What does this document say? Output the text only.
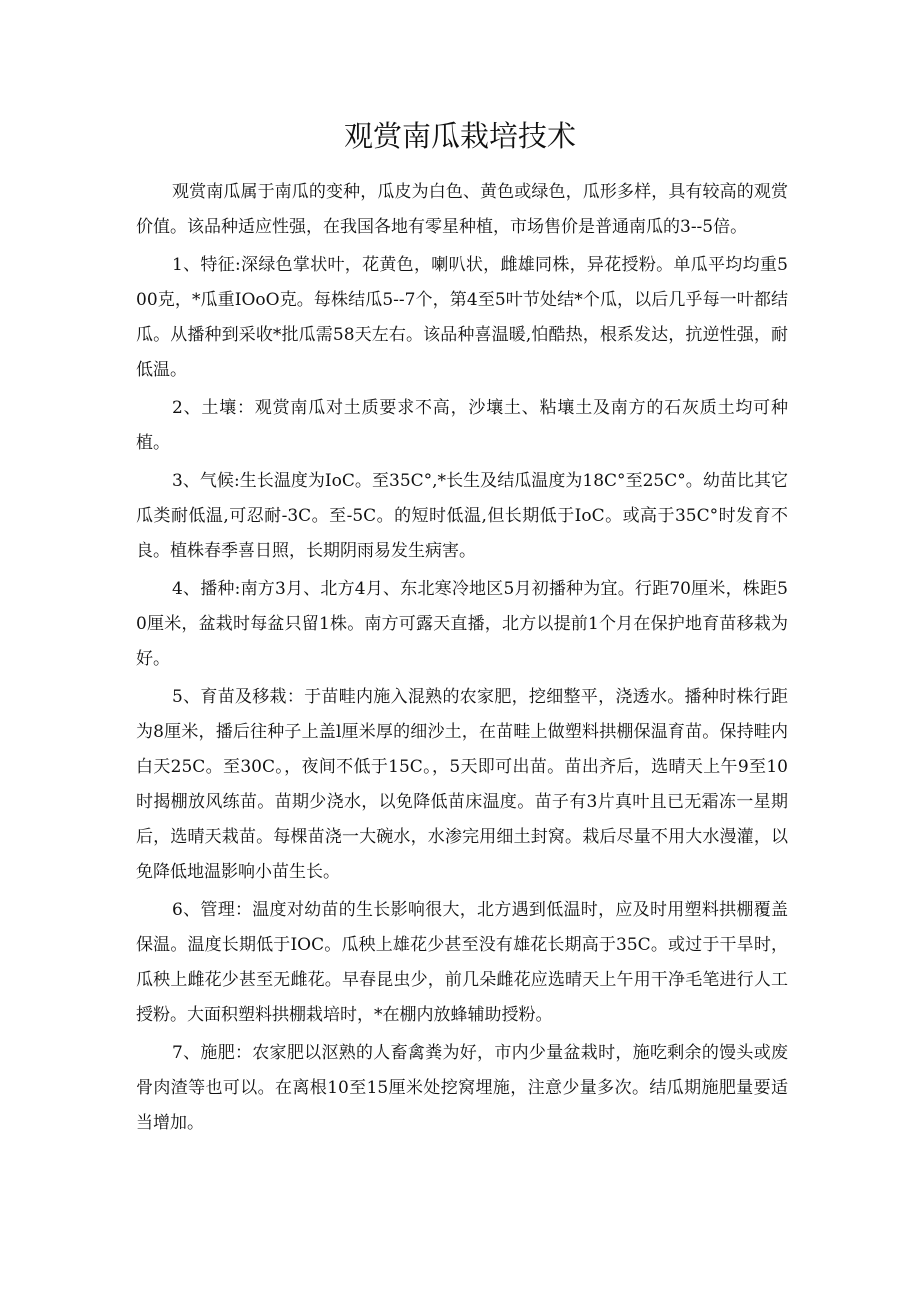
观赏南瓜栽培技术

观赏南瓜属于南瓜的变种，瓜皮为白色、黄色或绿色，瓜形多样，具有较高的观赏价值。该品种适应性强，在我国各地有零星种植，市场售价是普通南瓜的3--5倍。

1、特征:深绿色掌状叶，花黄色，喇叭状，雌雄同株，异花授粉。单瓜平均均重500克，*瓜重IOoO克。每株结瓜5--7个，第4至5叶节处结*个瓜，以后几乎每一叶都结瓜。从播种到采收*批瓜需58天左右。该品种喜温暖,怕酷热，根系发达，抗逆性强，耐低温。

2、土壤：观赏南瓜对土质要求不高，沙壤土、粘壤土及南方的石灰质土均可种植。

3、气候:生长温度为IoC。至35C°,*长生及结瓜温度为18C°至25C°。幼苗比其它瓜类耐低温,可忍耐-3C。至-5C。的短时低温,但长期低于IoC。或高于35C°时发育不良。植株春季喜日照，长期阴雨易发生病害。

4、播种:南方3月、北方4月、东北寒冷地区5月初播种为宜。行距70厘米，株距50厘米，盆栽时每盆只留1株。南方可露天直播，北方以提前1个月在保护地育苗移栽为好。

5、育苗及移栽：于苗畦内施入混熟的农家肥，挖细整平，浇透水。播种时株行距为8厘米，播后往种子上盖l厘米厚的细沙土，在苗畦上做塑料拱棚保温育苗。保持畦内白天25C。至30C。，夜间不低于15C。，5天即可出苗。苗出齐后，选晴天上午9至10时揭棚放风练苗。苗期少浇水，以免降低苗床温度。苗子有3片真叶且已无霜冻一星期后，选晴天栽苗。每棵苗浇一大碗水，水渗完用细土封窝。栽后尽量不用大水漫灌，以免降低地温影响小苗生长。

6、管理：温度对幼苗的生长影响很大，北方遇到低温时，应及时用塑料拱棚覆盖保温。温度长期低于IOC。瓜秧上雄花少甚至没有雄花长期高于35C。或过于干旱时，瓜秧上雌花少甚至无雌花。早春昆虫少，前几朵雌花应选晴天上午用干净毛笔进行人工授粉。大面积塑料拱棚栽培时，*在棚内放蜂辅助授粉。

7、施肥：农家肥以沤熟的人畜禽粪为好，市内少量盆栽时，施吃剩余的馒头或废骨肉渣等也可以。在离根10至15厘米处挖窝埋施，注意少量多次。结瓜期施肥量要适当增加。
